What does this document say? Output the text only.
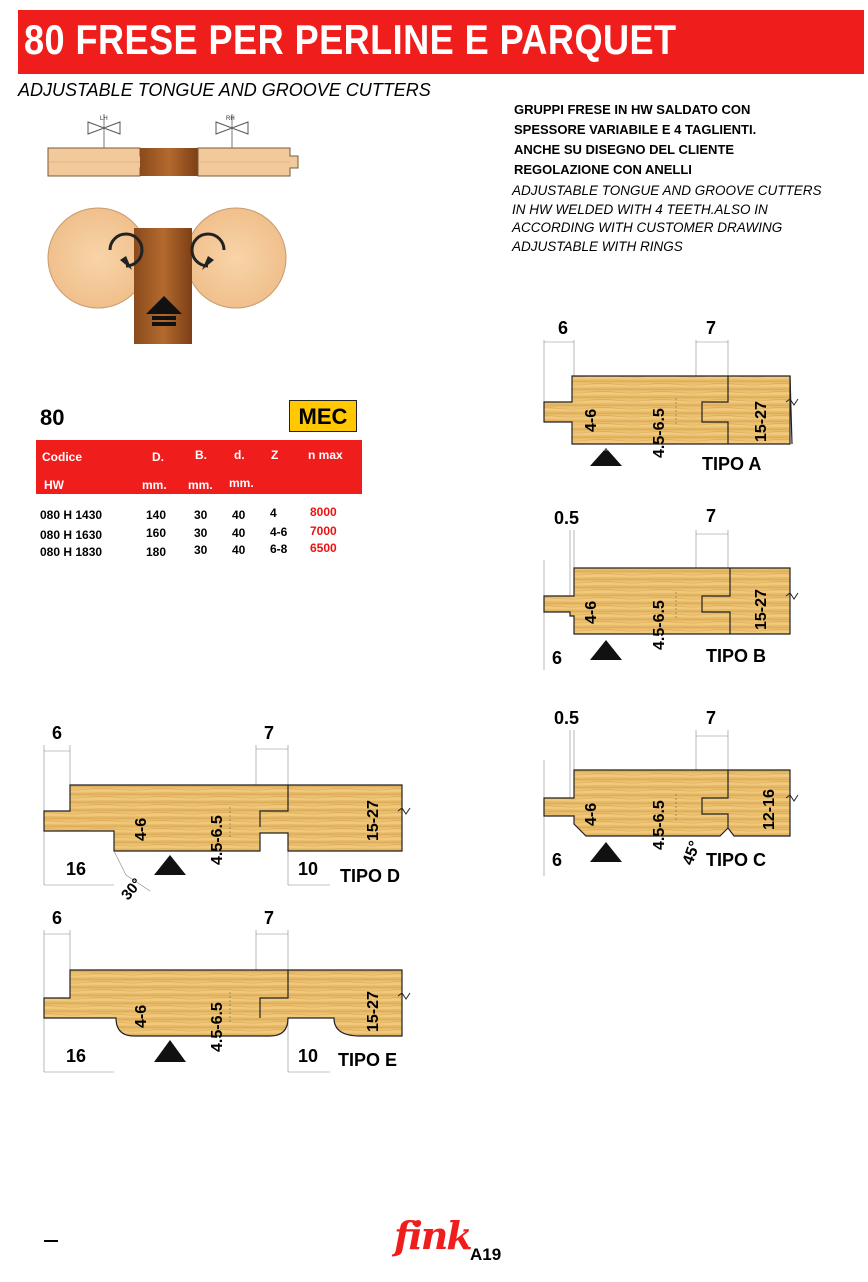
80 FRESE PER PERLINE E PARQUET
ADJUSTABLE TONGUE AND GROOVE CUTTERS
GRUPPI FRESE IN HW SALDATO CON
SPESSORE VARIABILE E 4 TAGLIENTI.
ANCHE SU DISEGNO DEL CLIENTE
REGOLAZIONE CON ANELLI
ADJUSTABLE TONGUE AND GROOVE CUTTERS
IN HW WELDED WITH 4 TEETH.ALSO IN
ACCORDING WITH CUSTOMER DRAWING
ADJUSTABLE WITH RINGS
LH	RH
80	MEC
Codice	D.	B. d. Z n max
HW	mm. mm. mm.
080 H 1430	140 30 40 4	8000
080 H 1630	160 30 40 4-6 7000
080 H 1830	180 30 40 6-8 6500
6	7
4-6	4.5-6.5	15-27
TIPO A
0.5	7
6
4-6	4.5-6.5	15-27
TIPO B
0.5	7
6
4-6	4.5-6.5	12-16
45° TIPO C
6	7
16	10
4-6	4.5-6.5	15-27
30°	TIPO D
6	7
16	10
4-6	4.5-6.5	15-27
TIPO E
fink A19
